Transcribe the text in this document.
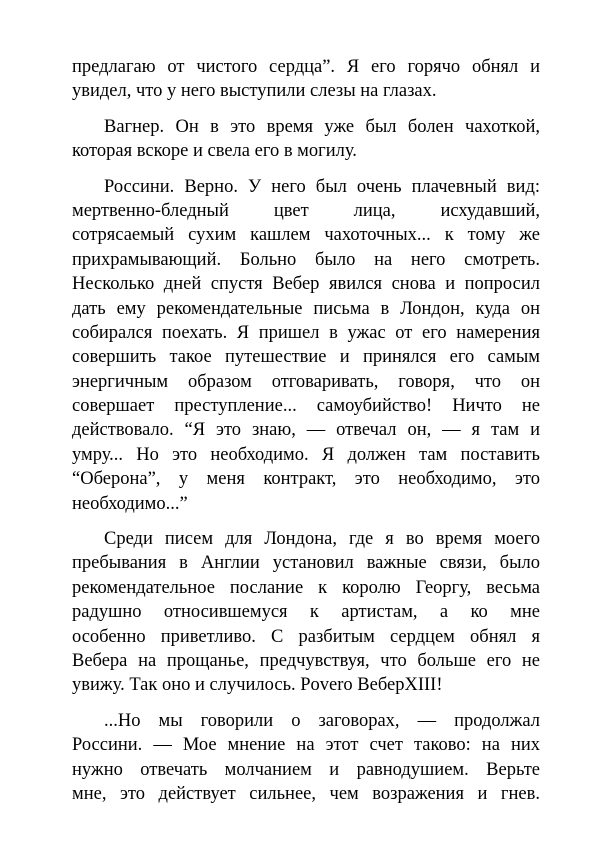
предлагаю от чистого сердца”. Я его горячо обнял и
увидел, что у него выступили слезы на глазах.
Вагнер. Он в это время уже был болен чахоткой,
которая вскоре и свела его в могилу.
Россини. Верно. У него был очень плачевный вид:
мертвенно-бледный цвет лица, исхудавший,
сотрясаемый сухим кашлем чахоточных... к тому же
прихрамывающий. Больно было на него смотреть.
Несколько дней спустя Вебер явился снова и попросил
дать ему рекомендательные письма в Лондон, куда он
собирался поехать. Я пришел в ужас от его намерения
совершить такое путешествие и принялся его самым
энергичным образом отговаривать, говоря, что он
совершает преступление... самоубийство! Ничто не
действовало. “Я это знаю, — отвечал он, — я там и
умру... Но это необходимо. Я должен там поставить
“Оберона”, у меня контракт, это необходимо, это
необходимо...”
Среди писем для Лондона, где я во время моего
пребывания в Англии установил важные связи, было
рекомендательное послание к королю Георгу, весьма
радушно относившемуся к артистам, а ко мне
особенно приветливо. С разбитым сердцем обнял я
Вебера на прощанье, предчувствуя, что больше его не
увижу. Так оно и случилось. Povero ВеберXIII!
...Но мы говорили о заговорах, — продолжал
Россини. — Мое мнение на этот счет таково: на них
нужно отвечать молчанием и равнодушием. Верьте
мне, это действует сильнее, чем возражения и гнев.
